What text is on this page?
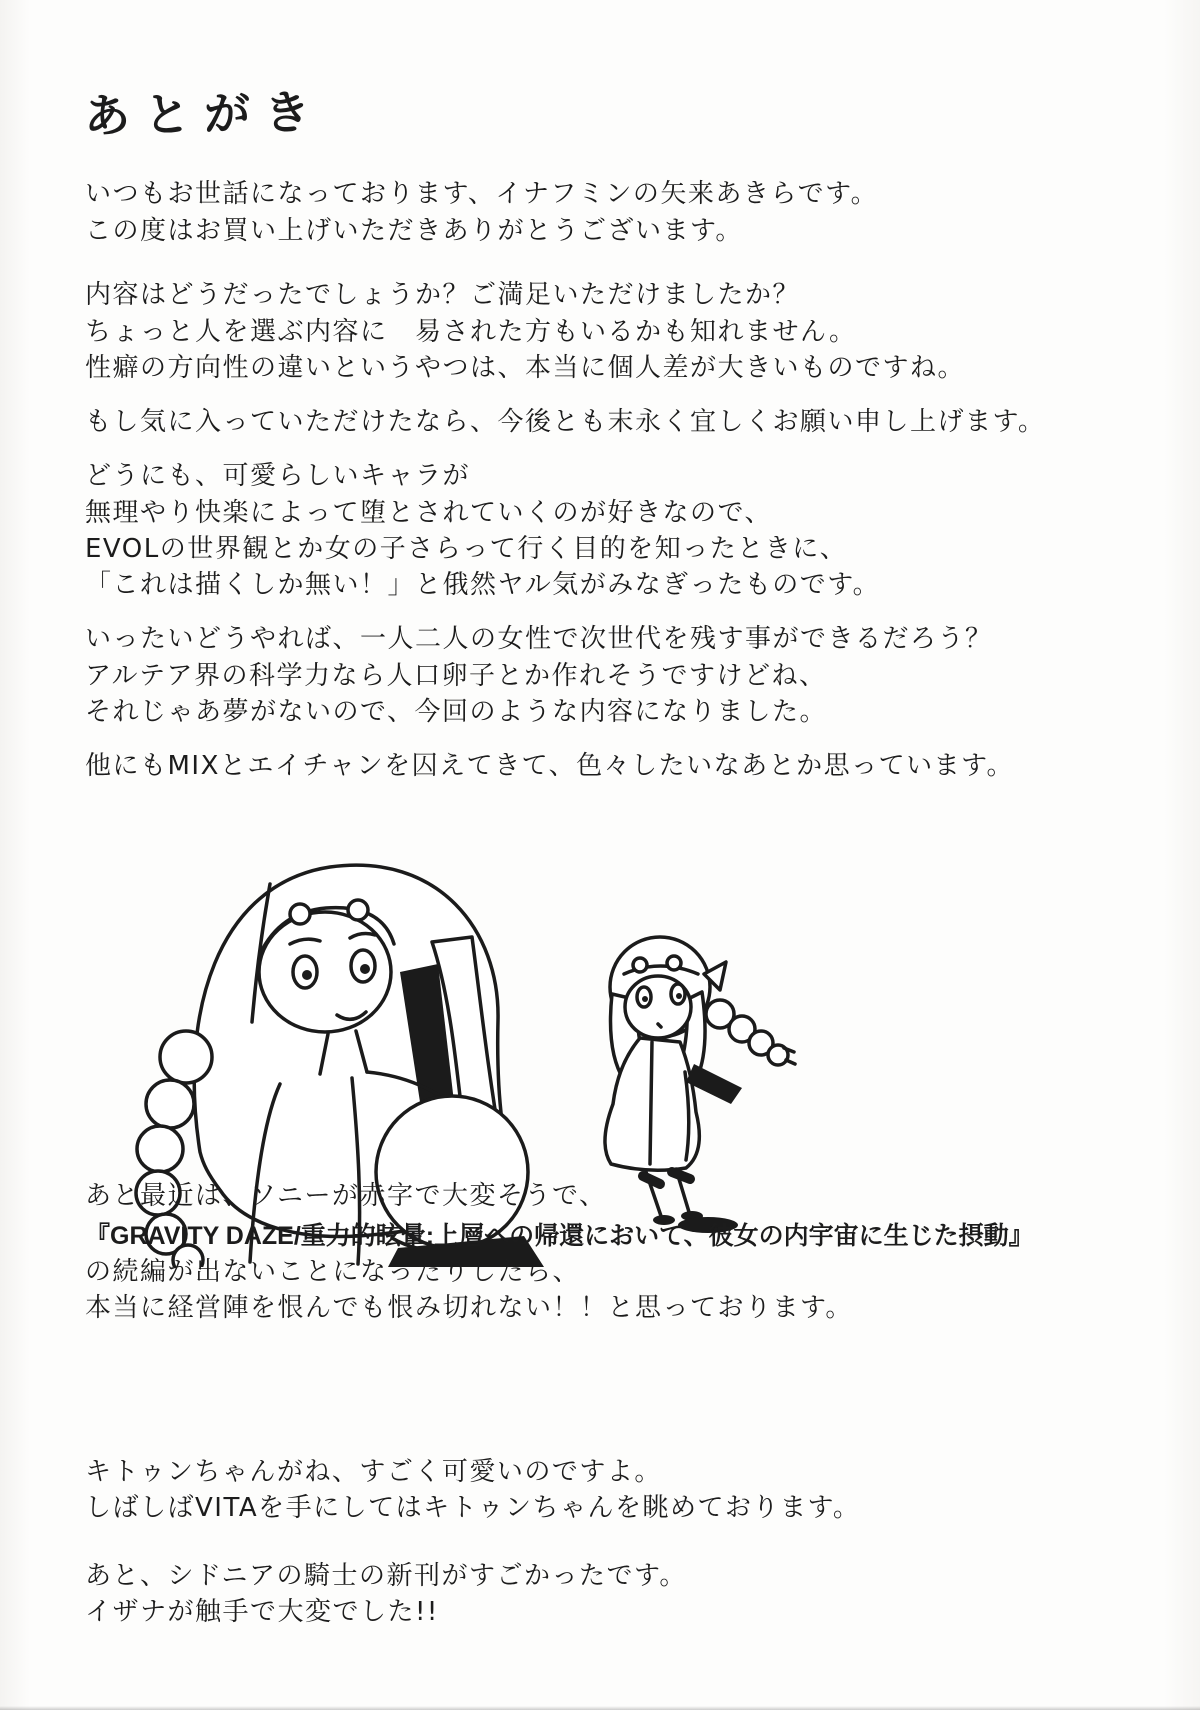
あとがき
いつもお世話になっております、イナフミンの矢来あきらです。
この度はお買い上げいただきありがとうございます。
内容はどうだったでしょうか？ご満足いただけましたか？
ちょっと人を選ぶ内容に　易された方もいるかも知れません。
性癖の方向性の違いというやつは、本当に個人差が大きいものですね。
もし気に入っていただけたなら、今後とも末永く宜しくお願い申し上げます。
どうにも、可愛らしいキャラが
無理やり快楽によって堕とされていくのが好きなので、
EVOLの世界観とか女の子さらって行く目的を知ったときに、
「これは描くしか無い！」と俄然ヤル気がみなぎったものです。
いったいどうやれば、一人二人の女性で次世代を残す事ができるだろう？
アルテア界の科学力なら人口卵子とか作れそうですけどね、
それじゃあ夢がないので、今回のような内容になりました。
他にもMIXとエイチャンを囚えてきて、色々したいなあとか思っています。
あと最近は、ソニーが赤字で大変そうで、
『GRAVITY DAZE/重力的眩暈:上層への帰還において、彼女の内宇宙に生じた摂動』
の続編が出ないことになったりしたら、
本当に経営陣を恨んでも恨み切れない！！と思っております。
キトゥンちゃんがね、すごく可愛いのですよ。
しばしばVITAを手にしてはキトゥンちゃんを眺めております。
あと、シドニアの騎士の新刊がすごかったです。
イザナが触手で大変でした!!
